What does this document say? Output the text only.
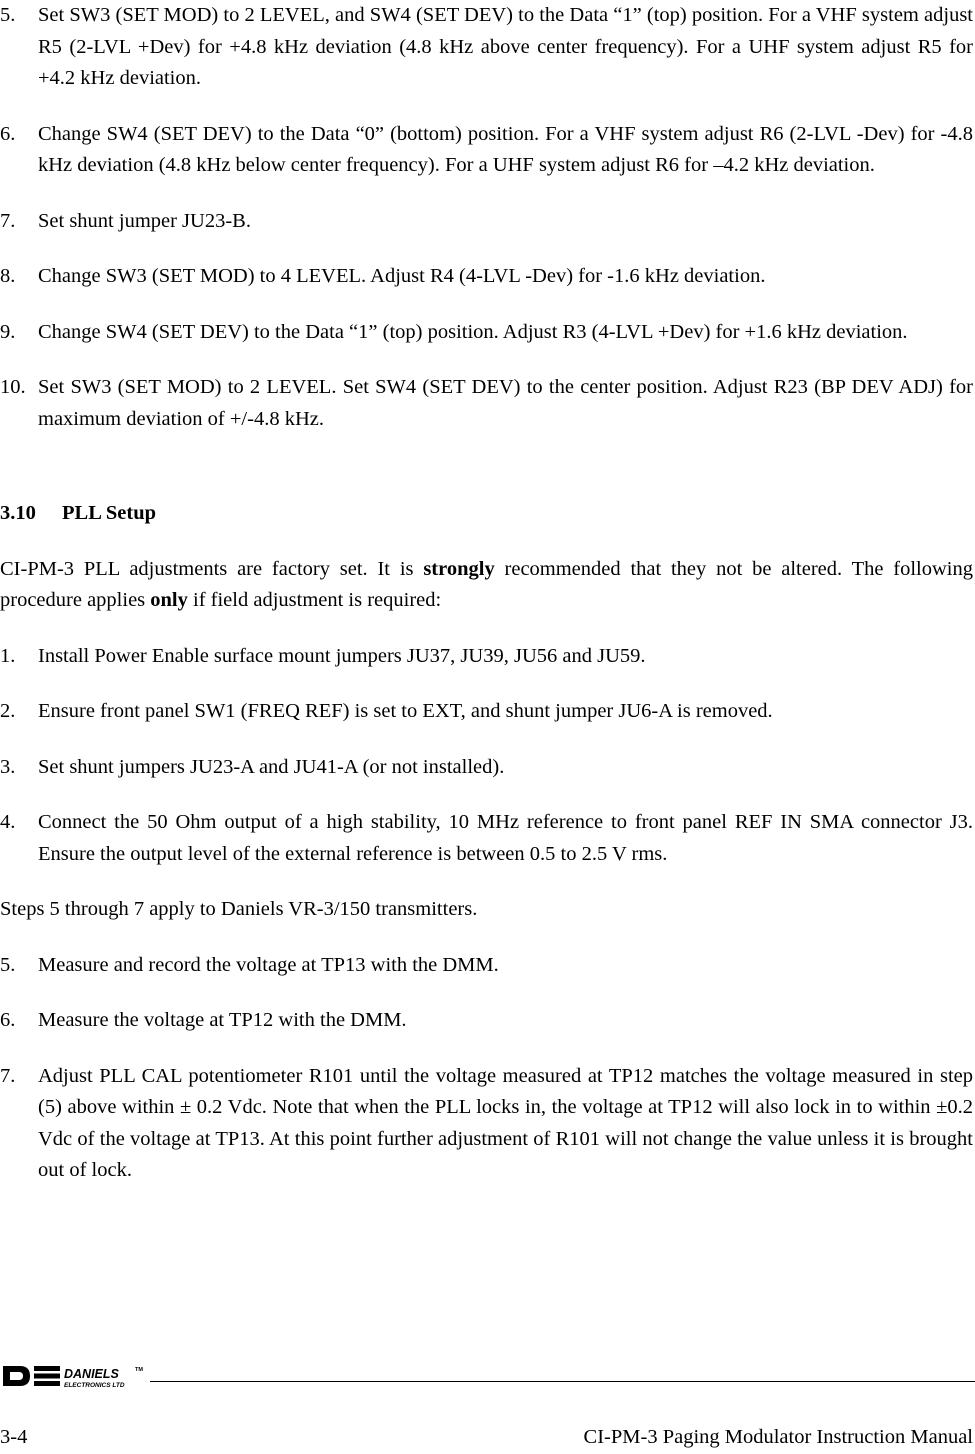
5. Set SW3 (SET MOD) to 2 LEVEL, and SW4 (SET DEV) to the Data “1” (top) position. For a VHF system adjust R5 (2-LVL +Dev) for +4.8 kHz deviation (4.8 kHz above center frequency). For a UHF system adjust R5 for +4.2 kHz deviation.
6. Change SW4 (SET DEV) to the Data “0” (bottom) position. For a VHF system adjust R6 (2-LVL -Dev) for -4.8 kHz deviation (4.8 kHz below center frequency). For a UHF system adjust R6 for –4.2 kHz deviation.
7. Set shunt jumper JU23-B.
8. Change SW3 (SET MOD) to 4 LEVEL. Adjust R4 (4-LVL -Dev) for -1.6 kHz deviation.
9. Change SW4 (SET DEV) to the Data “1” (top) position. Adjust R3 (4-LVL +Dev) for +1.6 kHz deviation.
10. Set SW3 (SET MOD) to 2 LEVEL. Set SW4 (SET DEV) to the center position. Adjust R23 (BP DEV ADJ) for maximum deviation of +/-4.8 kHz.
3.10 PLL Setup
CI-PM-3 PLL adjustments are factory set. It is strongly recommended that they not be altered. The following procedure applies only if field adjustment is required:
1. Install Power Enable surface mount jumpers JU37, JU39, JU56 and JU59.
2. Ensure front panel SW1 (FREQ REF) is set to EXT, and shunt jumper JU6-A is removed.
3. Set shunt jumpers JU23-A and JU41-A (or not installed).
4. Connect the 50 Ohm output of a high stability, 10 MHz reference to front panel REF IN SMA connector J3. Ensure the output level of the external reference is between 0.5 to 2.5 V rms.
Steps 5 through 7 apply to Daniels VR-3/150 transmitters.
5. Measure and record the voltage at TP13 with the DMM.
6. Measure the voltage at TP12 with the DMM.
7. Adjust PLL CAL potentiometer R101 until the voltage measured at TP12 matches the voltage measured in step (5) above within ± 0.2 Vdc. Note that when the PLL locks in, the voltage at TP12 will also lock in to within ±0.2 Vdc of the voltage at TP13. At this point further adjustment of R101 will not change the value unless it is brought out of lock.
DANIELS	TM
ELECTRONICS LTD
3-4	CI-PM-3 Paging Modulator Instruction Manual
